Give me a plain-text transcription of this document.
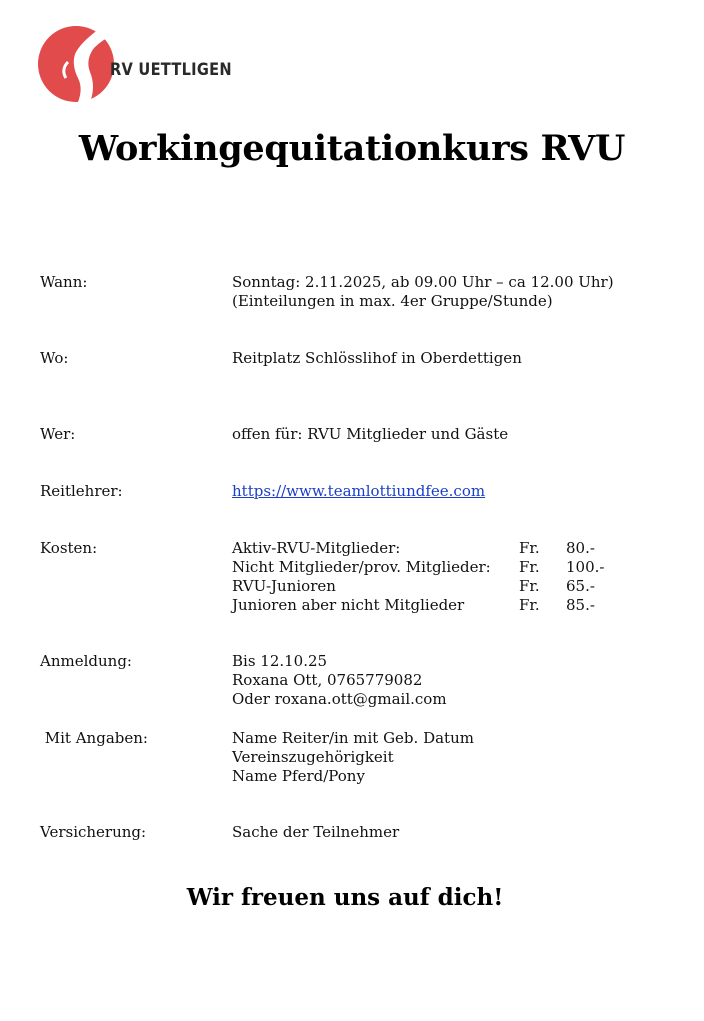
RV UETTLIGEN
Workingequitationkurs RVU
Wann:	Sonntag: 2.11.2025, ab 09.00 Uhr – ca 12.00 Uhr)
(Einteilungen in max. 4er Gruppe/Stunde)
Wo:	Reitplatz Schlösslihof in Oberdettigen
Wer:	offen für: RVU Mitglieder und Gäste
Reitlehrer:	https://www.teamlottiundfee.com
Kosten:	Aktiv-RVU-Mitglieder:	Fr. 80.-
Nicht Mitglieder/prov. Mitglieder: Fr. 100.-
RVU-Junioren	Fr. 65.-
Junioren aber nicht Mitglieder	Fr. 85.-
Anmeldung:	Bis 12.10.25
Roxana Ott, 0765779082
Oder roxana.ott@gmail.com
Mit Angaben:	Name Reiter/in mit Geb. Datum
Vereinszugehörigkeit
Name Pferd/Pony
Versicherung:	Sache der Teilnehmer
Wir freuen uns auf dich!
